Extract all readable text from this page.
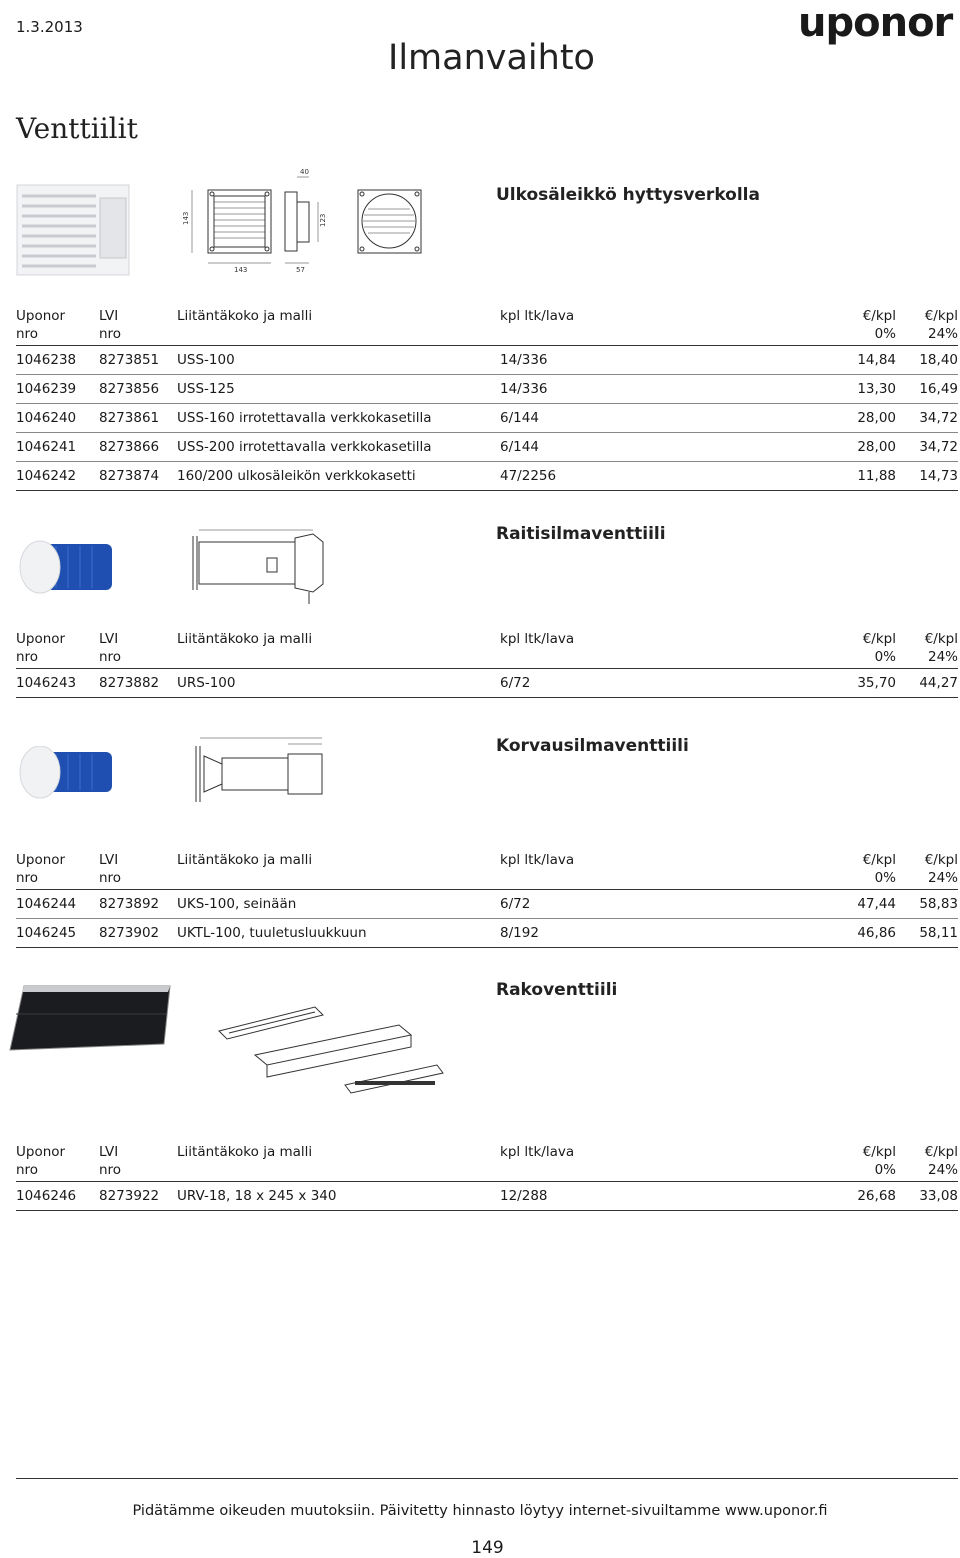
1.3.2013	uponor
Ilmanvaihto
Venttiilit
40
143	123
143	57
Ulkosäleikkö hyttysverkolla
Uponor	LVI	Liitäntäkoko ja malli	kpl ltk/lava	€/kpl	€/kpl
nro	nro			0%	24%
1046238	8273851	USS-100	14/336	14,84	18,40
1046239	8273856	USS-125	14/336	13,30	16,49
1046240	8273861	USS-160 irrotettavalla verkkokasetilla	6/144	28,00	34,72
1046241	8273866	USS-200 irrotettavalla verkkokasetilla	6/144	28,00	34,72
1046242	8273874	160/200 ulkosäleikön verkkokasetti	47/2256	11,88	14,73
Raitisilmaventtiili
Uponor	LVI	Liitäntäkoko ja malli	kpl ltk/lava	€/kpl	€/kpl
nro	nro			0%	24%
1046243	8273882	URS-100	6/72	35,70	44,27
Korvausilmaventtiili
Uponor	LVI	Liitäntäkoko ja malli	kpl ltk/lava	€/kpl	€/kpl
nro	nro			0%	24%
1046244	8273892	UKS-100, seinään	6/72	47,44	58,83
1046245	8273902	UKTL-100, tuuletusluukkuun	8/192	46,86	58,11
Rakoventtiili
Uponor	LVI	Liitäntäkoko ja malli	kpl ltk/lava	€/kpl	€/kpl
nro	nro			0%	24%
1046246	8273922	URV-18, 18 x 245 x 340	12/288	26,68	33,08
Pidätämme oikeuden muutoksiin. Päivitetty hinnasto löytyy internet-sivuiltamme www.uponor.fi
149
